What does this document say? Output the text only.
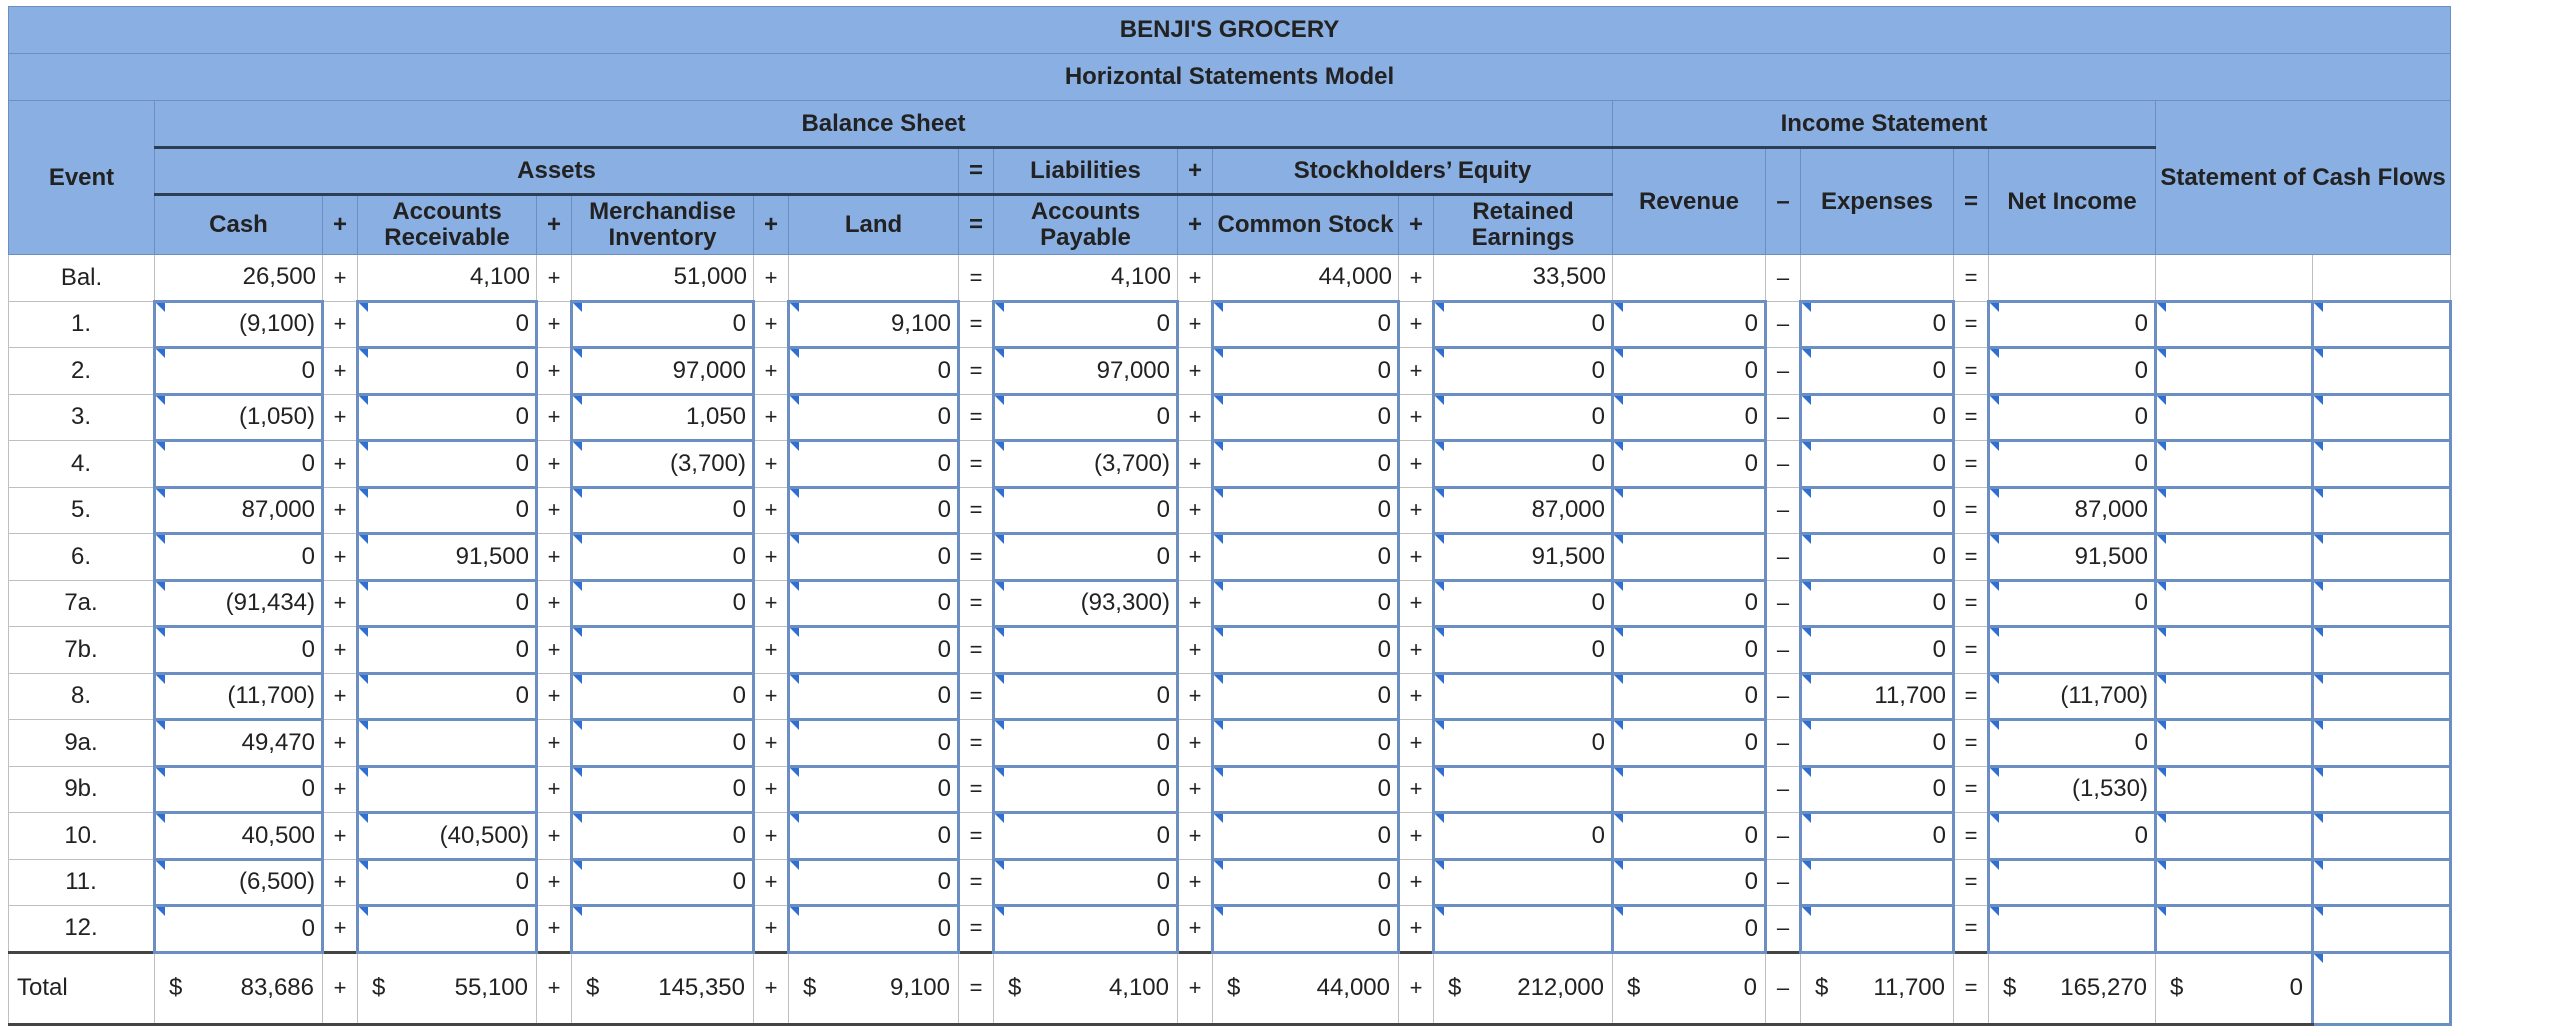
BENJI'S GROCERY																				
Horizontal Statements Model																				
Event	Balance Sheet													Income Statement					Statement of Cash Flows	
	Assets							=	Liabilities	+	Stockholders’ Equity			Revenue	–	Expenses	=	Net Income		
	Cash	+	Accounts Receivable	+	Merchandise Inventory	+	Land	=	Accounts Payable	+	Common Stock	+	Retained Earnings							
Bal.	26,500	+	4,100	+	51,000	+		=	4,100	+	44,000	+	33,500		–		=			
1.	(9,100)	+	0	+	0	+	9,100	=	0	+	0	+	0	0	–	0	=	0		
2.	0	+	0	+	97,000	+	0	=	97,000	+	0	+	0	0	–	0	=	0		
3.	(1,050)	+	0	+	1,050	+	0	=	0	+	0	+	0	0	–	0	=	0		
4.	0	+	0	+	(3,700)	+	0	=	(3,700)	+	0	+	0	0	–	0	=	0		
5.	87,000	+	0	+	0	+	0	=	0	+	0	+	87,000		–	0	=	87,000		
6.	0	+	91,500	+	0	+	0	=	0	+	0	+	91,500		–	0	=	91,500		
7a.	(91,434)	+	0	+	0	+	0	=	(93,300)	+	0	+	0	0	–	0	=	0		
7b.	0	+	0	+		+	0	=		+	0	+	0	0	–	0	=			
8.	(11,700)	+	0	+	0	+	0	=	0	+	0	+		0	–	11,700	=	(11,700)		
9a.	49,470	+		+	0	+	0	=	0	+	0	+	0	0	–	0	=	0		
9b.	0	+		+	0	+	0	=	0	+	0	+			–	0	=	(1,530)		
10.	40,500	+	(40,500)	+	0	+	0	=	0	+	0	+	0	0	–	0	=	0		
11.	(6,500)	+	0	+	0	+	0	=	0	+	0	+		0	–		=			
12.	0	+	0	+		+	0	=	0	+	0	+		0	–		=			
Total	$ 83,686	+	$ 55,100	+	$ 145,350	+	$ 9,100	=	$ 4,100	+	$ 44,000	+	$ 212,000	$ 0	–	$ 11,700	=	$ 165,270	$ 0	
